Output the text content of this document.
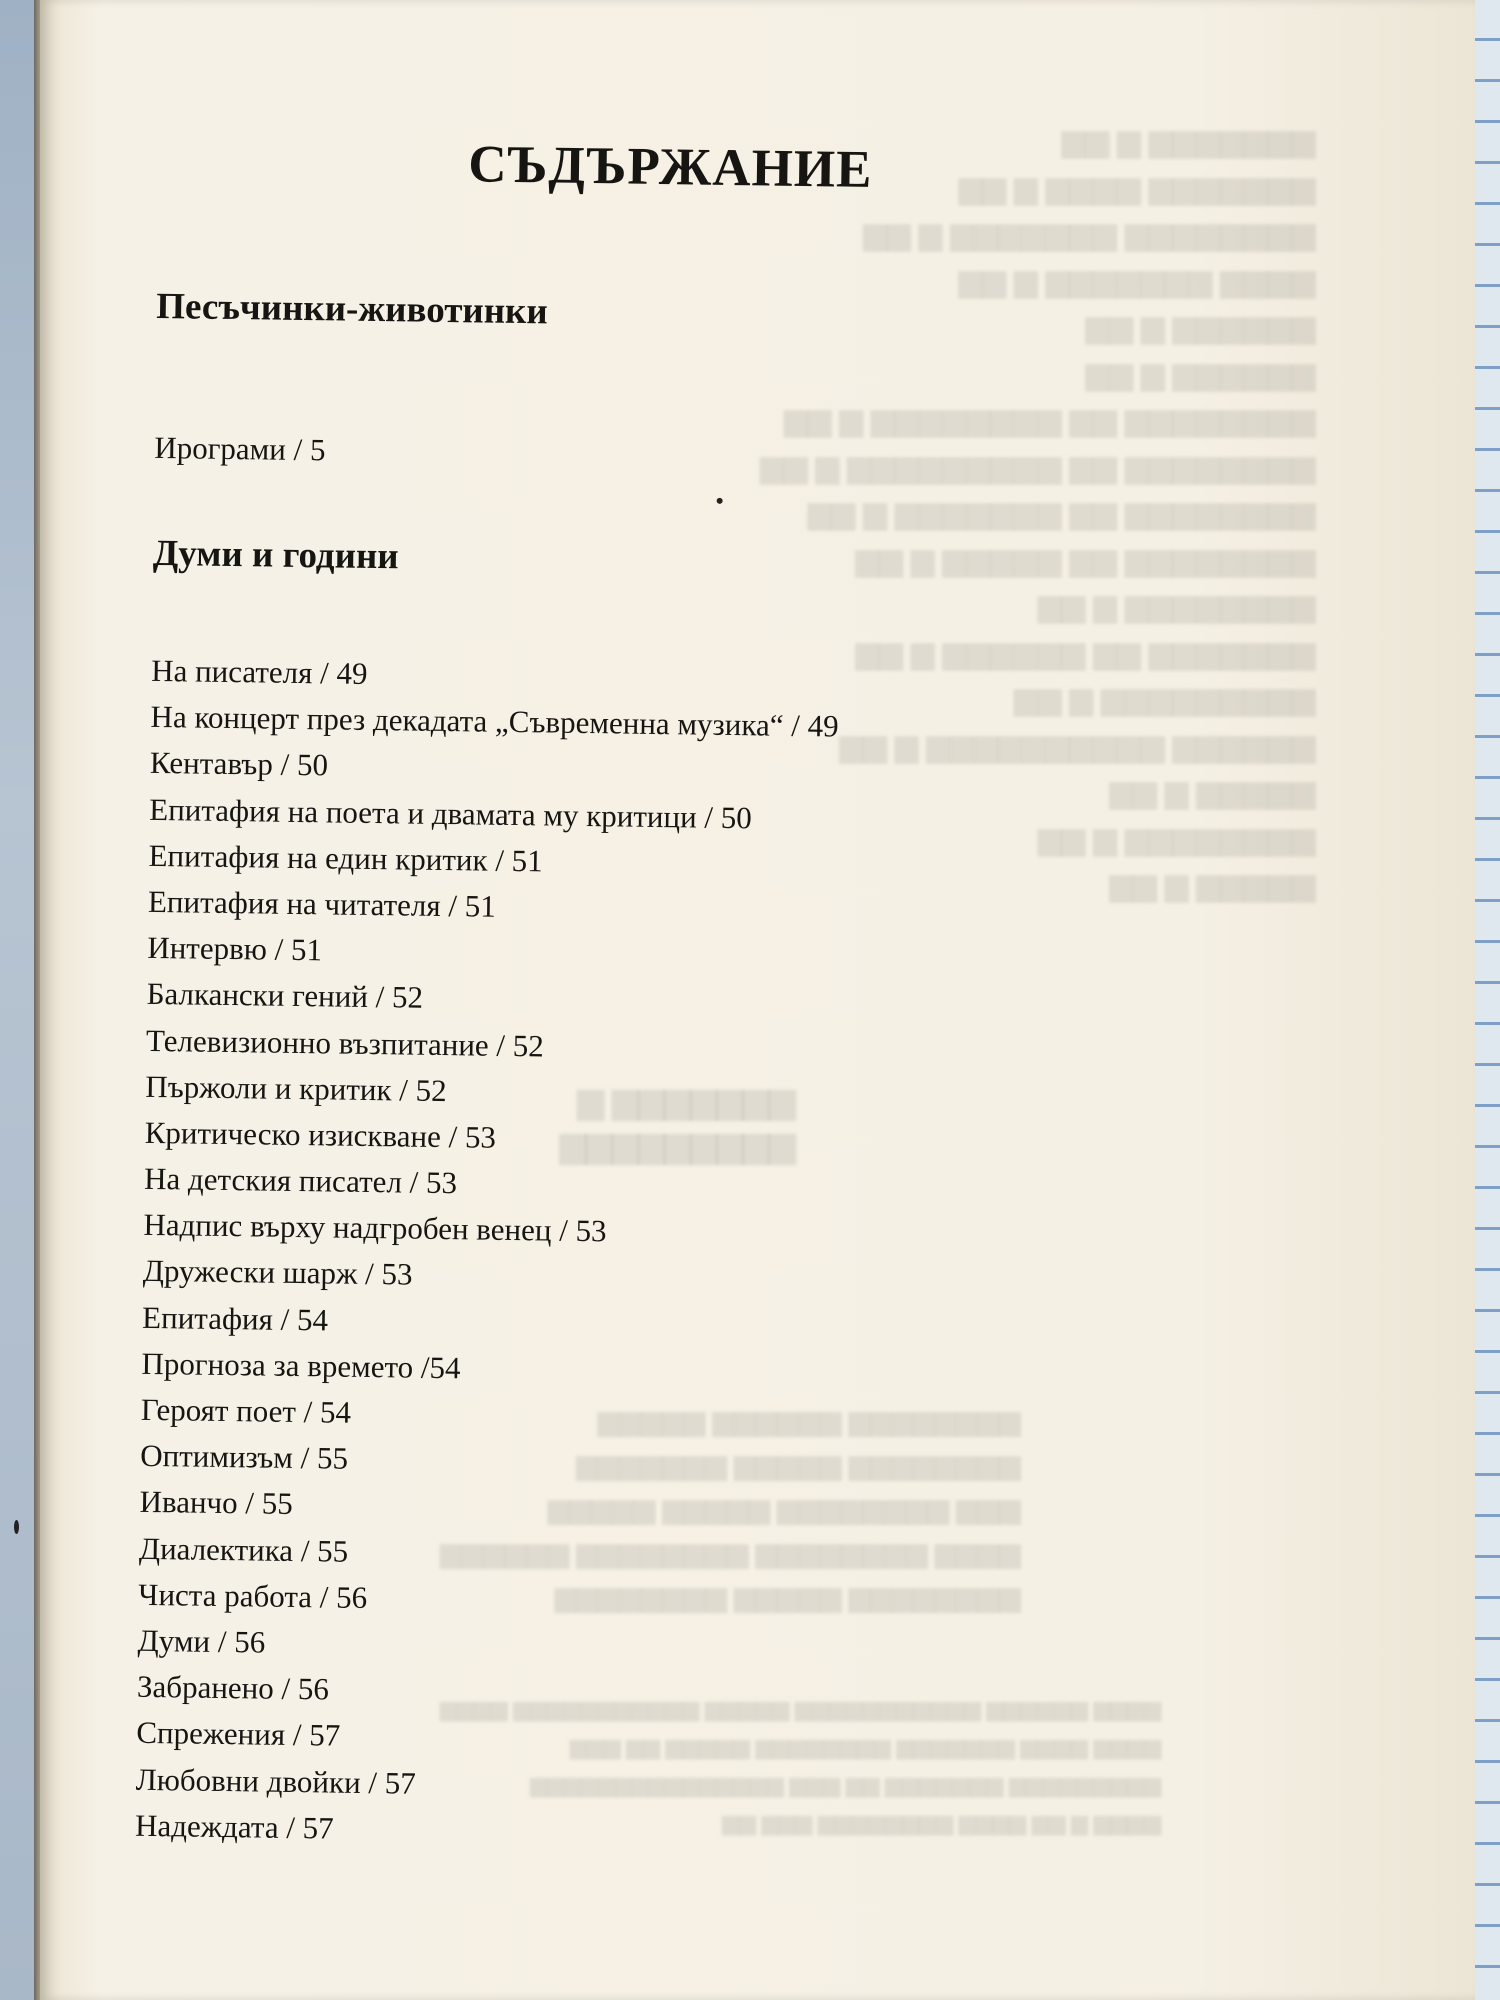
СЪДЪРЖАНИЕ
Песъчинки-животинки
Ирограми / 5
Думи и години
На писателя / 49
На концерт през декадата „Съвременна музика“ / 49
Кентавър / 50
Епитафия на поета и двамата му критици / 50
Епитафия на един критик / 51
Епитафия на читателя / 51
Интервю / 51
Балкански гений / 52
Телевизионно възпитание / 52
Пържоли и критик / 52
Критическо изискване / 53
На детския писател / 53
Надпис върху надгробен венец / 53
Дружески шарж / 53
Епитафия / 54
Прогноза за времето /54
Героят поет / 54
Оптимизъм / 55
Иванчо / 55
Диалектика / 55
Чиста работа / 56
Думи / 56
Забранено / 56
Спрежения / 57
Любовни двойки / 57
Надеждата / 57
